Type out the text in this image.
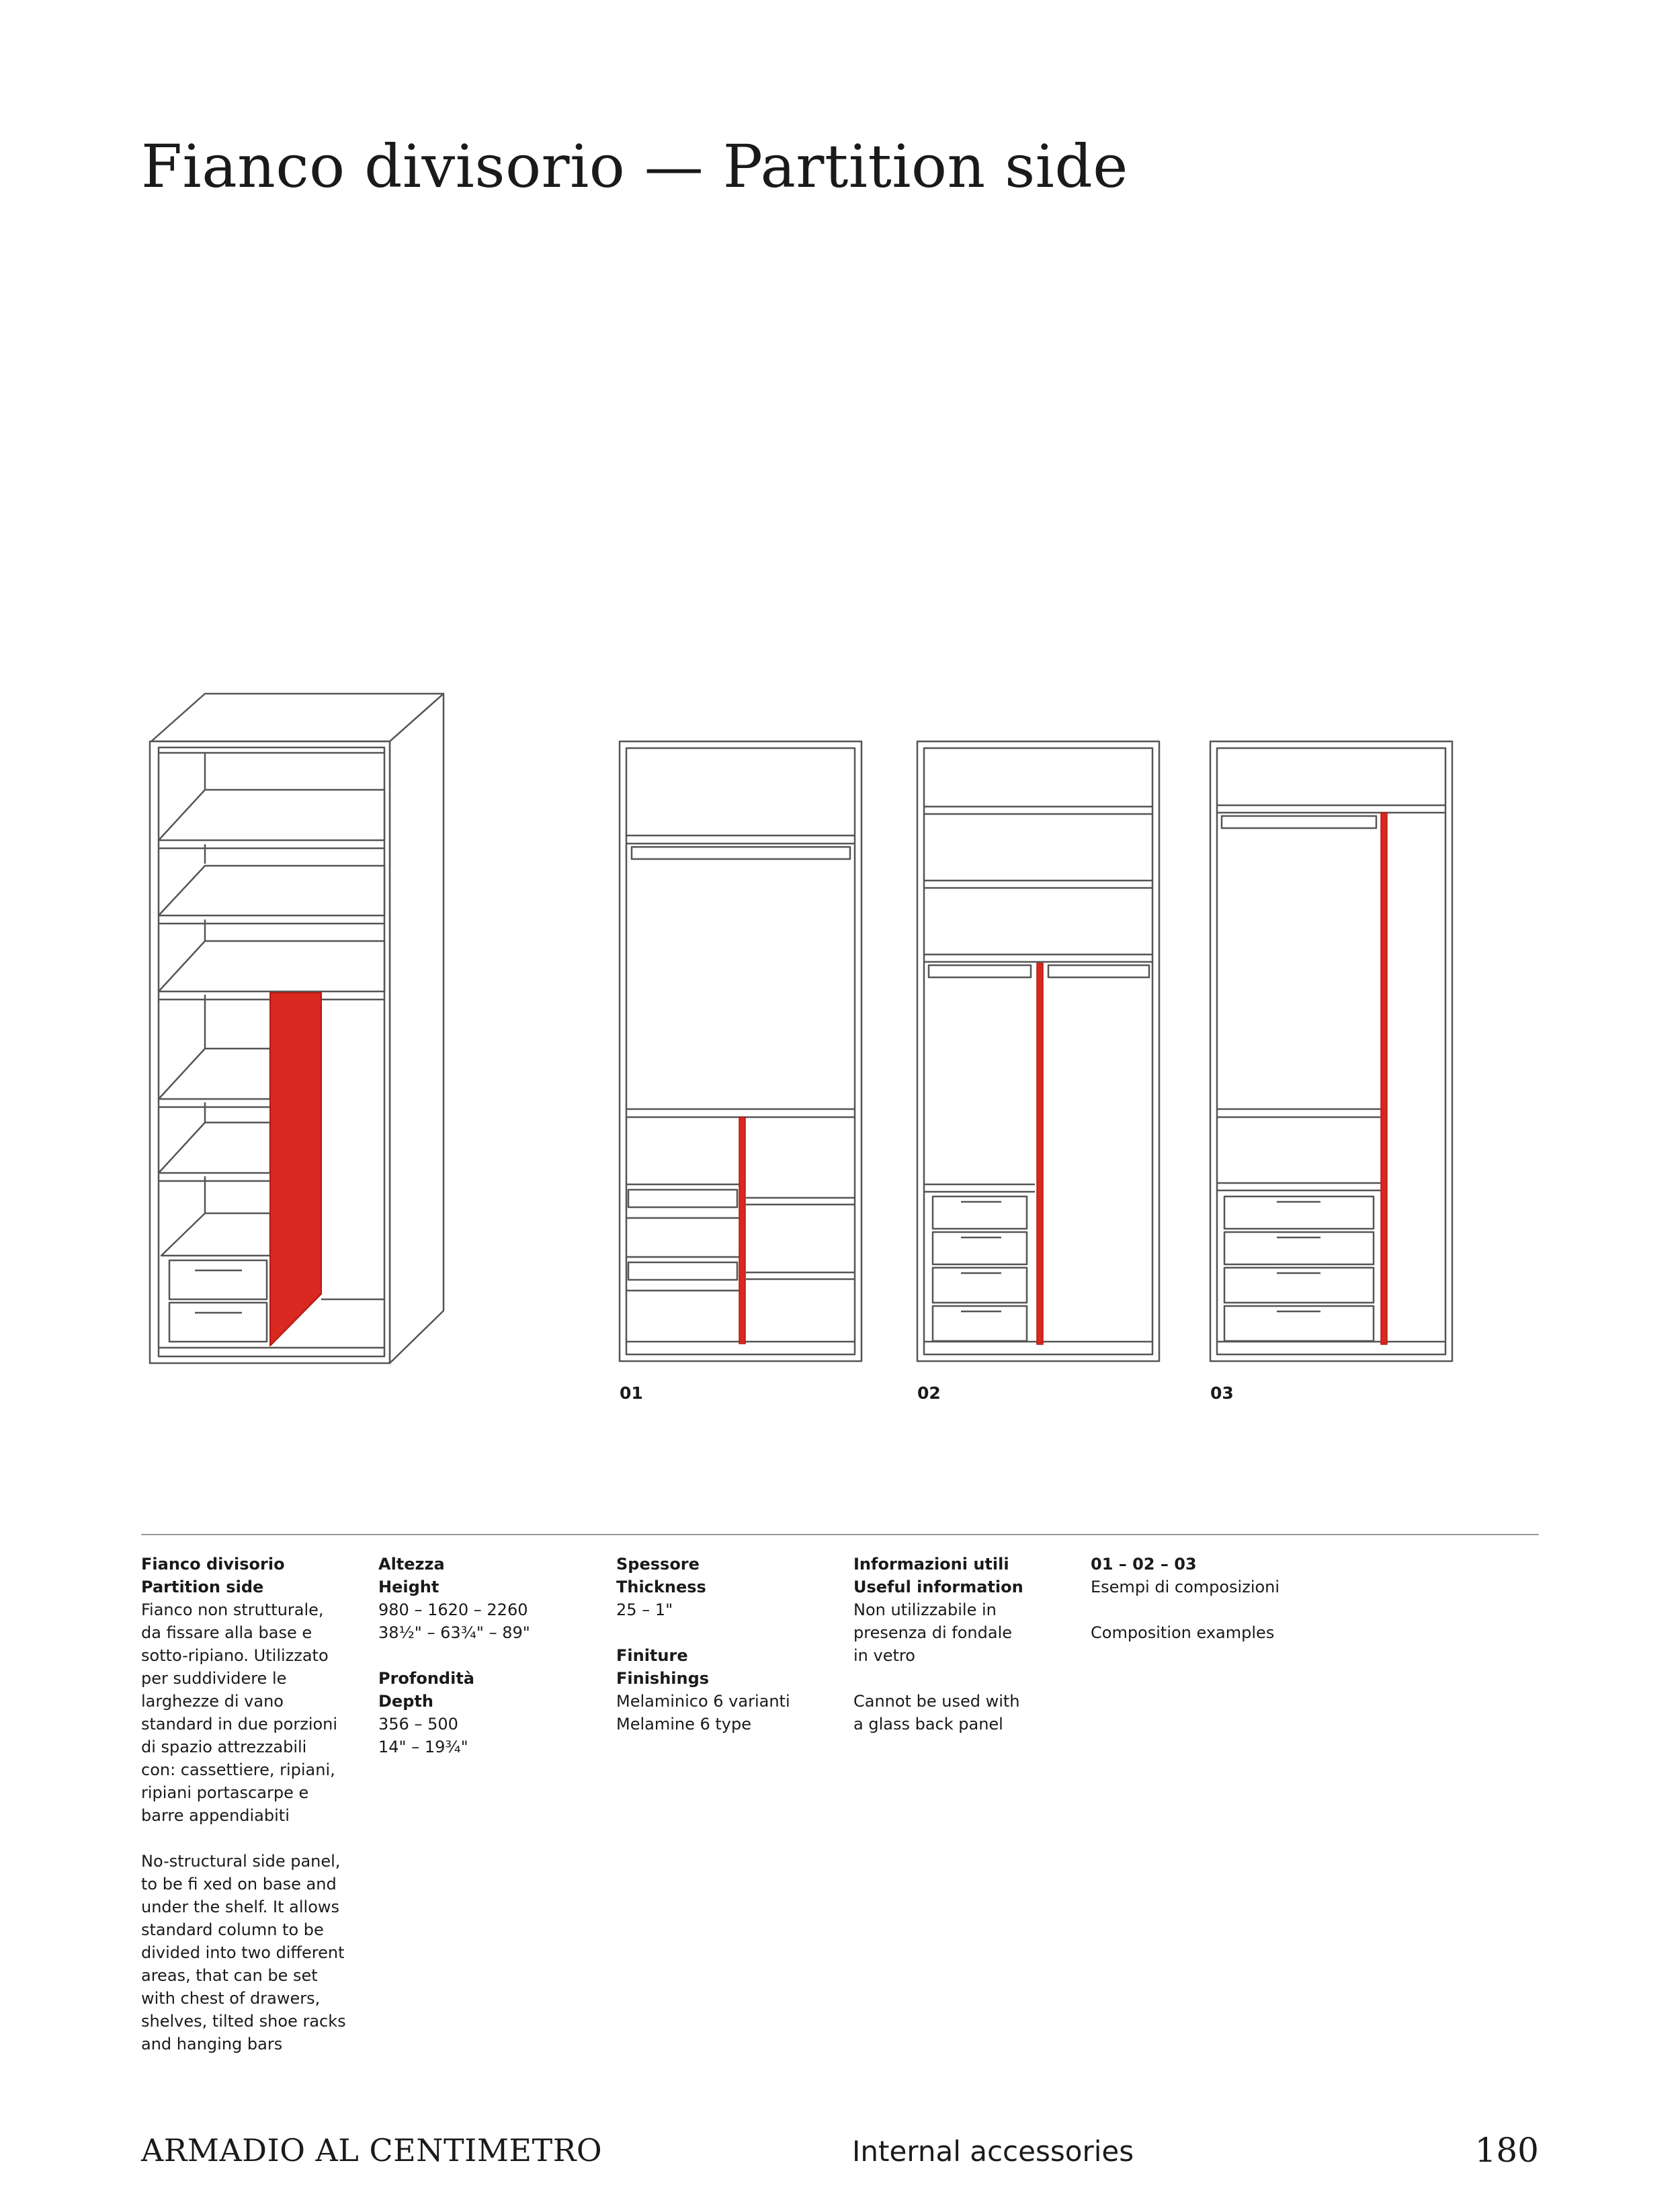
Fianco divisorio — Partition side
01	02	03
Fianco divisorio
Partition side
Fianco non strutturale,
da fissare alla base e
sotto-ripiano. Utilizzato
per suddividere le
larghezze di vano
standard in due porzioni
di spazio attrezzabili
con: cassettiere, ripiani,
ripiani portascarpe e
barre appendiabiti
No-structural side panel,
to be fi xed on base and
under the shelf. It allows
standard column to be
divided into two different
areas, that can be set
with chest of drawers,
shelves, tilted shoe racks
and hanging bars
Altezza
Height
980 – 1620 – 2260
38½" – 63¾" – 89"
Profondità
Depth
356 – 500
14" – 19¾"
Spessore
Thickness
25 – 1"
Finiture
Finishings
Melaminico 6 varianti
Melamine 6 type
Informazioni utili
Useful information
Non utilizzabile in
presenza di fondale
in vetro
Cannot be used with
a glass back panel
01 – 02 – 03
Esempi di composizioni
Composition examples
ARMADIO AL CENTIMETRO	Internal accessories	180
